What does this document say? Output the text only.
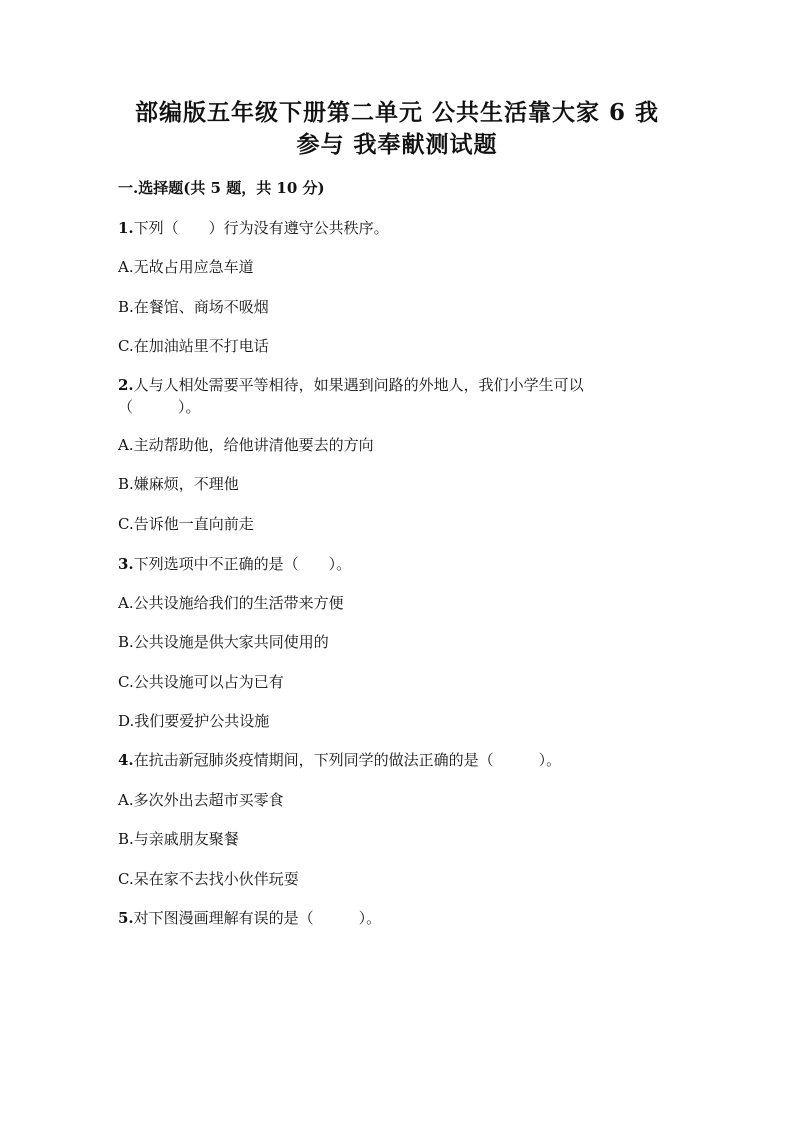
部编版五年级下册第二单元 公共生活靠大家 6 我
参与 我奉献测试题
一.选择题(共 5 题，共 10 分)
1.下列（　　）行为没有遵守公共秩序。
A.无故占用应急车道
B.在餐馆、商场不吸烟
C.在加油站里不打电话
2.人与人相处需要平等相待，如果遇到问路的外地人，我们小学生可以
（　　　）。
A.主动帮助他，给他讲清他要去的方向
B.嫌麻烦，不理他
C.告诉他一直向前走
3.下列选项中不正确的是（　　）。
A.公共设施给我们的生活带来方便
B.公共设施是供大家共同使用的
C.公共设施可以占为已有
D.我们要爱护公共设施
4.在抗击新冠肺炎疫情期间，下列同学的做法正确的是（　　　）。
A.多次外出去超市买零食
B.与亲戚朋友聚餐
C.呆在家不去找小伙伴玩耍
5.对下图漫画理解有误的是（　　　）。
